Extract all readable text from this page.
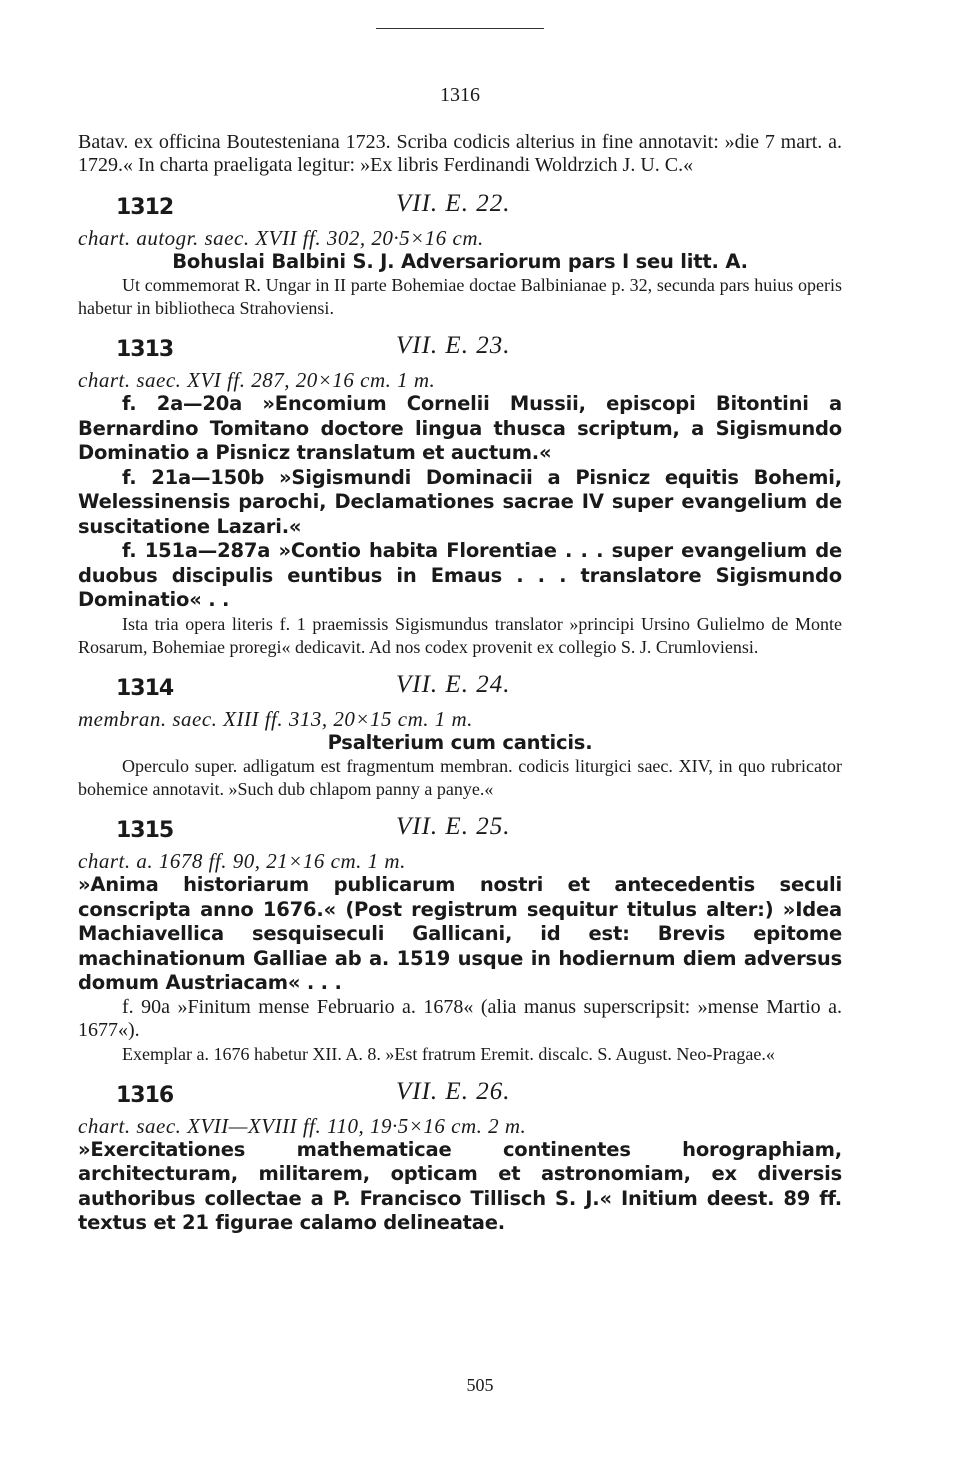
1316

Batav. ex officina Boutesteniana 1723. Scriba codicis alterius in fine annotavit: »die 7 mart. a. 1729.« In charta praeligata legitur: »Ex libris Ferdinandi Woldrzich J. U. C.«

1312	VII. E. 22.

chart. autogr. saec. XVII ff. 302, 20·5×16 cm.

Bohuslai Balbini S. J. Adversariorum pars I seu litt. A.

Ut commemorat R. Ungar in II parte Bohemiae doctae Balbinianae p. 32, secunda pars huius operis habetur in bibliotheca Strahoviensi.

1313	VII. E. 23.

chart. saec. XVI ff. 287, 20×16 cm. 1 m.

f. 2a—20a »Encomium Cornelii Mussii, episcopi Bitontini a Bernardino Tomitano doctore lingua thusca scriptum, a Sigismundo Dominatio a Pisnicz translatum et auctum.«

f. 21a—150b »Sigismundi Dominacii a Pisnicz equitis Bohemi, Welessinensis parochi, Declamationes sacrae IV super evangelium de suscitatione Lazari.«

f. 151a—287a »Contio habita Florentiae . . . super evangelium de duobus discipulis euntibus in Emaus . . . translatore Sigismundo Dominatio« . .

Ista tria opera literis f. 1 praemissis Sigismundus translator »principi Ursino Gulielmo de Monte Rosarum, Bohemiae proregi« dedicavit. Ad nos codex provenit ex collegio S. J. Crumloviensi.

1314	VII. E. 24.

membran. saec. XIII ff. 313, 20×15 cm. 1 m.

Psalterium cum canticis.

Operculo super. adligatum est fragmentum membran. codicis liturgici saec. XIV, in quo rubricator bohemice annotavit. »Such dub chlapom panny a panye.«

1315	VII. E. 25.

chart. a. 1678 ff. 90, 21×16 cm. 1 m.

»Anima historiarum publicarum nostri et antecedentis seculi conscripta anno 1676.« (Post registrum sequitur titulus alter:) »Idea Machiavellica sesquiseculi Gallicani, id est: Brevis epitome machinationum Galliae ab a. 1519 usque in hodiernum diem adversus domum Austriacam« . . .

f. 90a »Finitum mense Februario a. 1678« (alia manus superscripsit: »mense Martio a. 1677«).

Exemplar a. 1676 habetur XII. A. 8. »Est fratrum Eremit. discalc. S. August. Neo-Pragae.«

1316	VII. E. 26.

chart. saec. XVII—XVIII ff. 110, 19·5×16 cm. 2 m.

»Exercitationes mathematicae continentes horographiam, architecturam, militarem, opticam et astronomiam, ex diversis authoribus collectae a P. Francisco Tillisch S. J.« Initium deest. 89 ff. textus et 21 figurae calamo delineatae.

505
